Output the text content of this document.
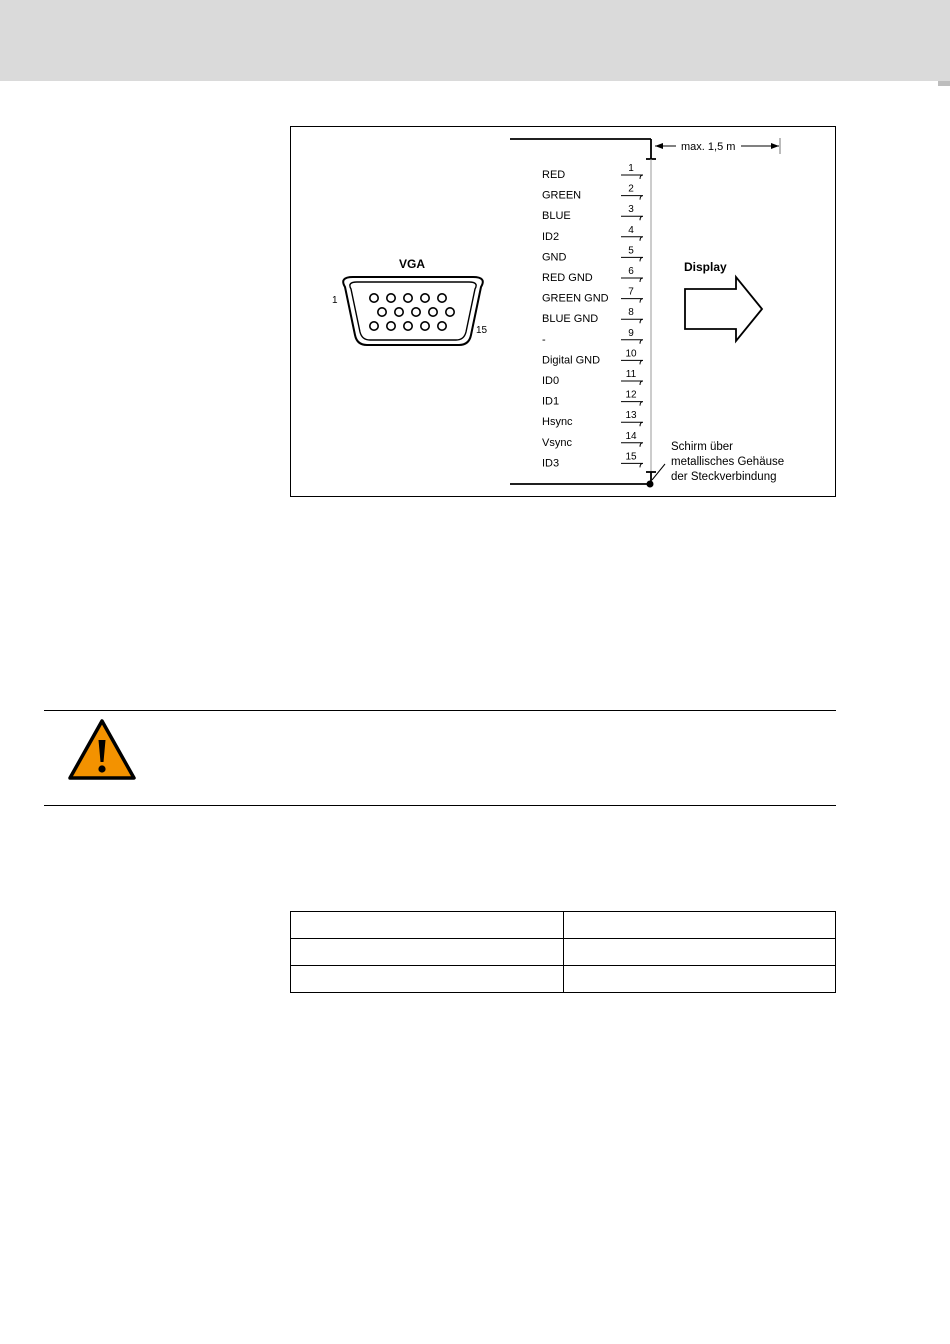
max. 1,5 m
VGA
1
15
RED
1
GREEN
2
BLUE
3
ID2
4
GND
5
RED GND
6
GREEN GND
7
BLUE GND
8
-
9
Digital GND
10
ID0
11
ID1
12
Hsync
13
Vsync
14
ID3
15
Display
Schirm über
metallisches Gehäuse
der Steckverbindung
